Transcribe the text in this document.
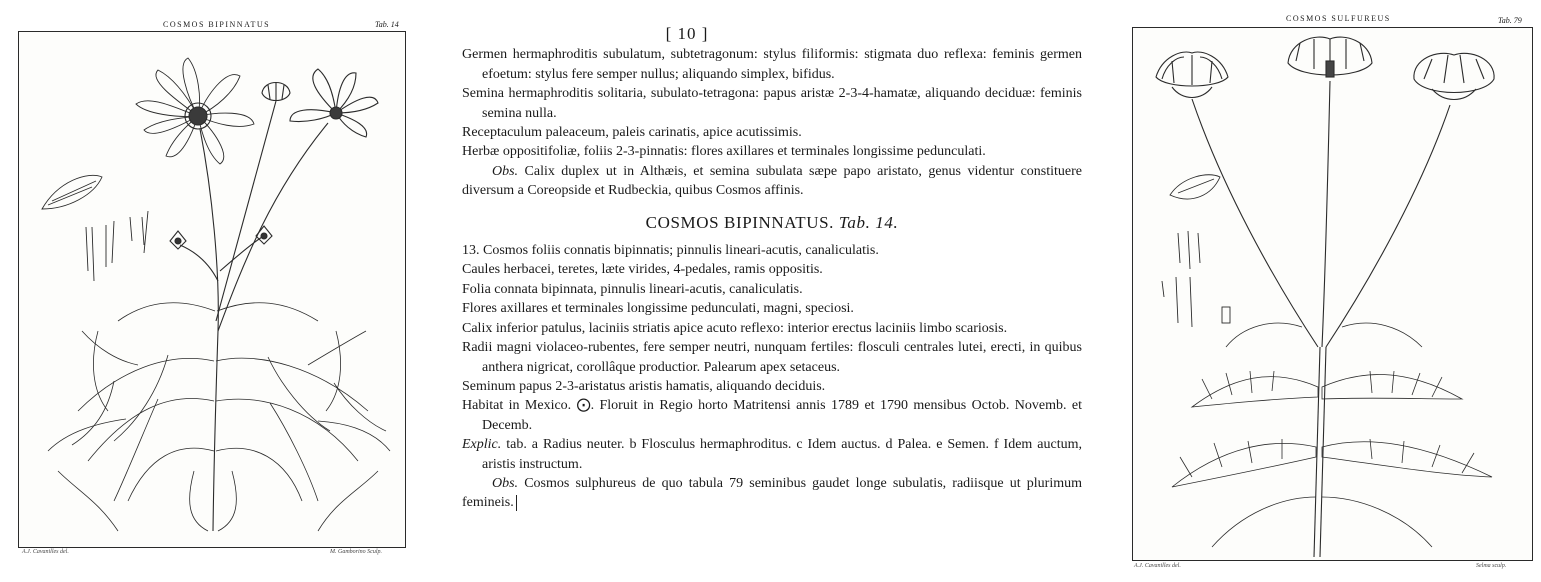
COSMOS BIPINNATUS	Tab. 14
A.J. Cavanilles del.	M. Gamborino Sculp.
[ 10 ]

Germen hermaphroditis subulatum, subtetragonum: stylus filiformis: stigmata duo reflexa: feminis germen efoetum: stylus fere semper nullus; aliquando simplex, bifidus.

Semina hermaphroditis solitaria, subulato-tetragona: papus aristæ 2-3-4-hamatæ, aliquando deciduæ: feminis semina nulla.

Receptaculum paleaceum, paleis carinatis, apice acutissimis.

Herbæ oppositifoliæ, foliis 2-3-pinnatis: flores axillares et terminales longissime pedunculati.

Obs. Calix duplex ut in Althæis, et semina subulata sæpe papo aristato, genus videntur constituere diversum a Coreopside et Rudbeckia, quibus Cosmos affinis.

COSMOS BIPINNATUS. Tab. 14.

13. Cosmos foliis connatis bipinnatis; pinnulis lineari-acutis, canaliculatis.

Caules herbacei, teretes, læte virides, 4-pedales, ramis oppositis.

Folia connata bipinnata, pinnulis lineari-acutis, canaliculatis.

Flores axillares et terminales longissime pedunculati, magni, speciosi.

Calix inferior patulus, laciniis striatis apice acuto reflexo: interior erectus laciniis limbo scariosis.

Radii magni violaceo-rubentes, fere semper neutri, nunquam fertiles: flosculi centrales lutei, erecti, in quibus anthera nigricat, corollâque productior. Palearum apex setaceus.

Seminum papus 2-3-aristatus aristis hamatis, aliquando deciduis.

Habitat in Mexico. ⨀. Floruit in Regio horto Matritensi annis 1789 et 1790 mensibus Octob. Novemb. et Decemb.

Explic. tab. a Radius neuter. b Flosculus hermaphroditus. c Idem auctus. d Palea. e Semen. f Idem auctum, aristis instructum.

Obs. Cosmos sulphureus de quo tabula 79 seminibus gaudet longe subulatis, radiisque ut plurimum femineis.

COSMOS SULFUREUS	Tab. 79
A.J. Cavanilles del.	Selma sculp.
